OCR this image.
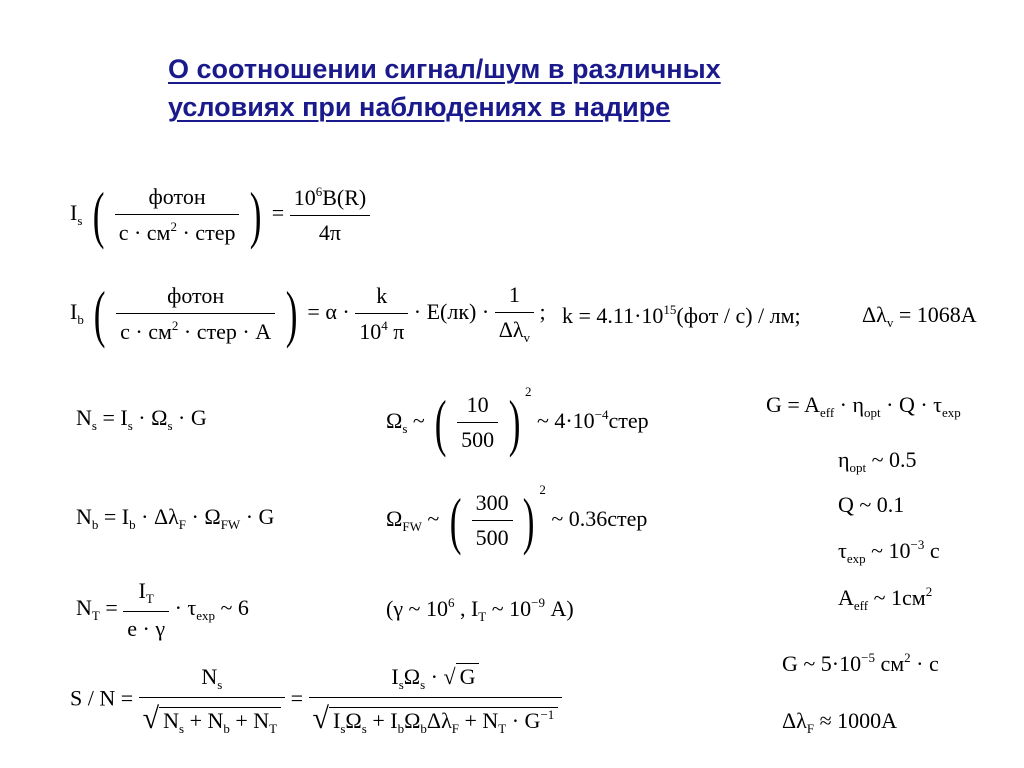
О соотношении сигнал/шум в различных
условиях при наблюдениях в надире
$I_s$ ( $\frac{\text{фотон}}{с \cdot см^2 \cdot стер}$ ) = $\frac{10^6B(R)}{4\pi}$
$I_b$ ( $\frac{\text{фотон}}{с \cdot см^2 \cdot стер \cdot А}$ ) = $\alpha \cdot \frac{k}{10^4 \pi} \cdot E(лк) \cdot \frac{1}{\Delta\lambda_v}$ ; $k = 4.11\cdot 10^{15}(фот / с)$ / лм;	$\Delta\lambda_v = 1068А$
$N_s = I_s \cdot \Omega_s \cdot G$	$\Omega_s$ ~ ( $\frac{10}{500}$ ) $^2$ ~ $4\cdot 10^{-4}стер$
$G = A_{eff} \cdot \eta_{opt} \cdot Q \cdot \tau_{exp}$
$\eta_{opt}$ ~ 0.5
Q ~ 0.1
$\tau_{exp}$ ~ $10^{-3}$ с
$A_{eff}$ ~ $1см^2$
$N_b = I_b \cdot \Delta\lambda_F \cdot \Omega_{FW} \cdot G$	$\Omega_{FW}$ ~ ( $\frac{300}{500}$ ) $^2$ ~ 0.36стер
$N_T = \frac{I_T}{e \cdot \gamma} \cdot \tau_{exp}$ ~ 6	(γ ~ $10^6$ , $I_T$ ~ $10^{-9}$ А)
G ~ $5\cdot 10^{-5}$ $см^2 \cdot с$
$S / N = \frac{N_s}{√ N_s + N_b + N_T} = \frac{I_s\Omega_s \cdot √ G}{√ I_s\Omega_s + I_b\Omega_b\Delta\lambda_F + N_T \cdot G^{-1}}$	$\Delta\lambda_F \approx 1000А$
